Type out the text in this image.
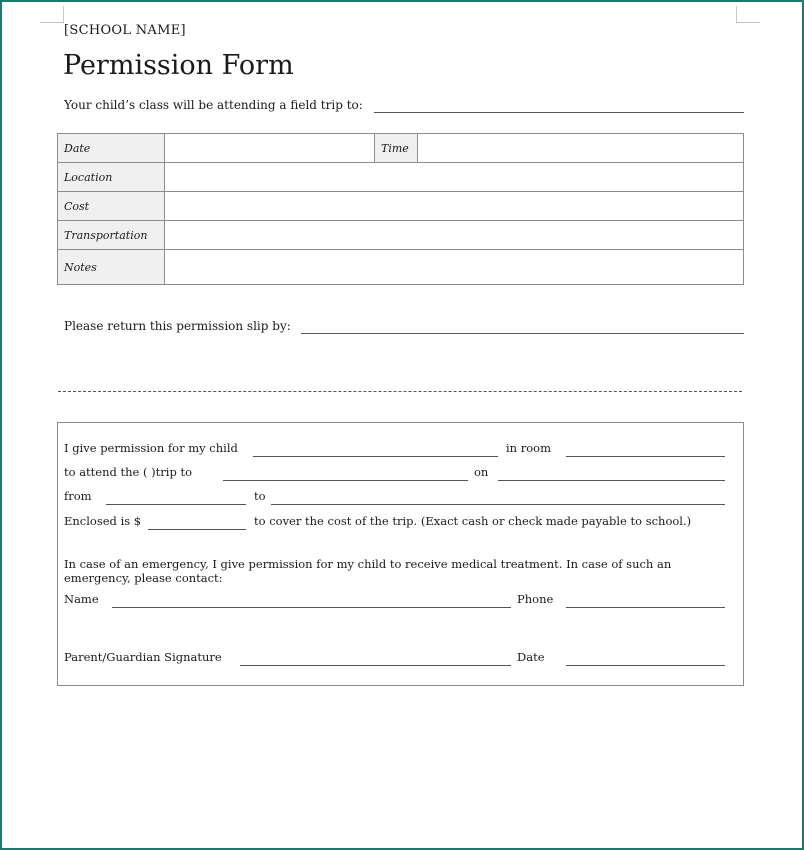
[SCHOOL NAME]
Permission Form
Your child’s class will be attending a field trip to:
Date		Time	
Location			
Cost			
Transportation			
Notes			
Please return this permission slip by:
I give permission for my child	in room
to attend the ( )trip to	on
from	to
Enclosed is $	to cover the cost of the trip. (Exact cash or check made payable to school.)
In case of an emergency, I give permission for my child to receive medical treatment. In case of such an emergency, please contact:
Name	Phone
Parent/Guardian Signature	Date
